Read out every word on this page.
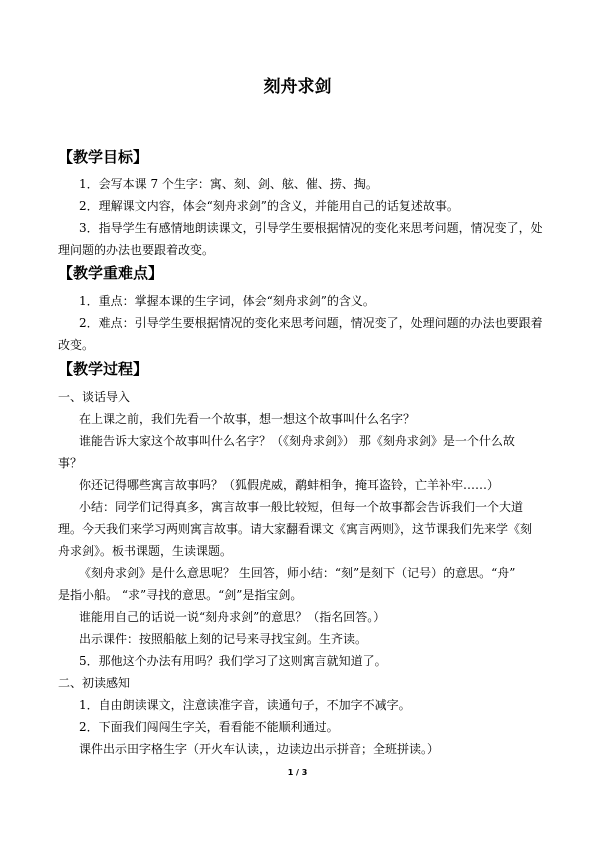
刻舟求剑
【教学目标】
1．会写本课 7 个生字：寓、刻、剑、舷、催、捞、掏。
2．理解课文内容，体会“刻舟求剑”的含义，并能用自己的话复述故事。
3．指导学生有感情地朗读课文，引导学生要根据情况的变化来思考问题，情况变了，处
理问题的办法也要跟着改变。
【教学重难点】
1．重点：掌握本课的生字词，体会“刻舟求剑”的含义。
2．难点：引导学生要根据情况的变化来思考问题，情况变了，处理问题的办法也要跟着
改变。
【教学过程】
一、谈话导入
在上课之前，我们先看一个故事，想一想这个故事叫什么名字？
谁能告诉大家这个故事叫什么名字？（《刻舟求剑》） 那《刻舟求剑》是一个什么故
事？
你还记得哪些寓言故事吗？（狐假虎威，鹬蚌相争，掩耳盗铃，亡羊补牢……）
小结：同学们记得真多，寓言故事一般比较短，但每一个故事都会告诉我们一个大道
理。今天我们来学习两则寓言故事。请大家翻看课文《寓言两则》，这节课我们先来学《刻
舟求剑》。板书课题，生读课题。
《刻舟求剑》是什么意思呢？ 生回答，师小结：“刻”是刻下（记号）的意思。“舟”
是指小船。 “求”寻找的意思。“剑”是指宝剑。
谁能用自己的话说一说“刻舟求剑”的意思？（指名回答。）
出示课件：按照船舷上刻的记号来寻找宝剑。生齐读。
5．那他这个办法有用吗？我们学习了这则寓言就知道了。
二、初读感知
1．自由朗读课文，注意读准字音，读通句子，不加字不减字。
2．下面我们闯闯生字关，看看能不能顺利通过。
课件出示田字格生字（开火车认读，，边读边出示拼音；全班拼读。）
1 / 3
